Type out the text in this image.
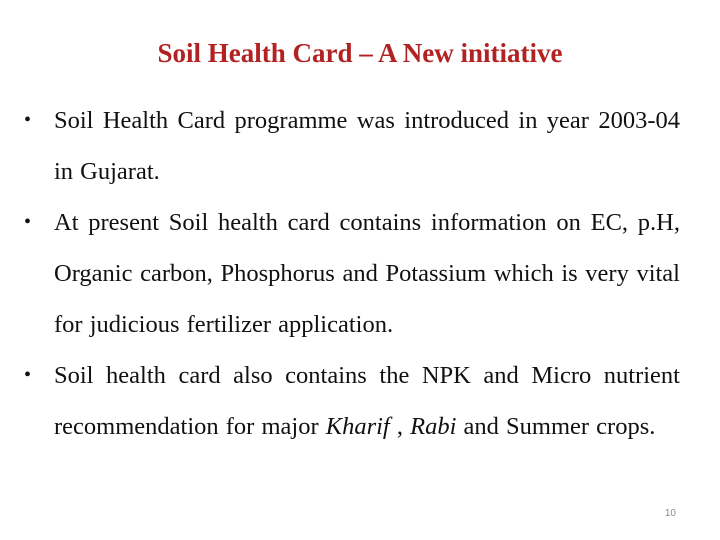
Soil Health Card – A New initiative
• Soil Health Card programme was introduced in year 2003-04 in Gujarat.
• At present Soil health card contains information on EC, p.H, Organic carbon, Phosphorus and Potassium which is very vital for judicious fertilizer application.
• Soil health card also contains the NPK and Micro nutrient recommendation for major Kharif , Rabi and Summer crops.
10
